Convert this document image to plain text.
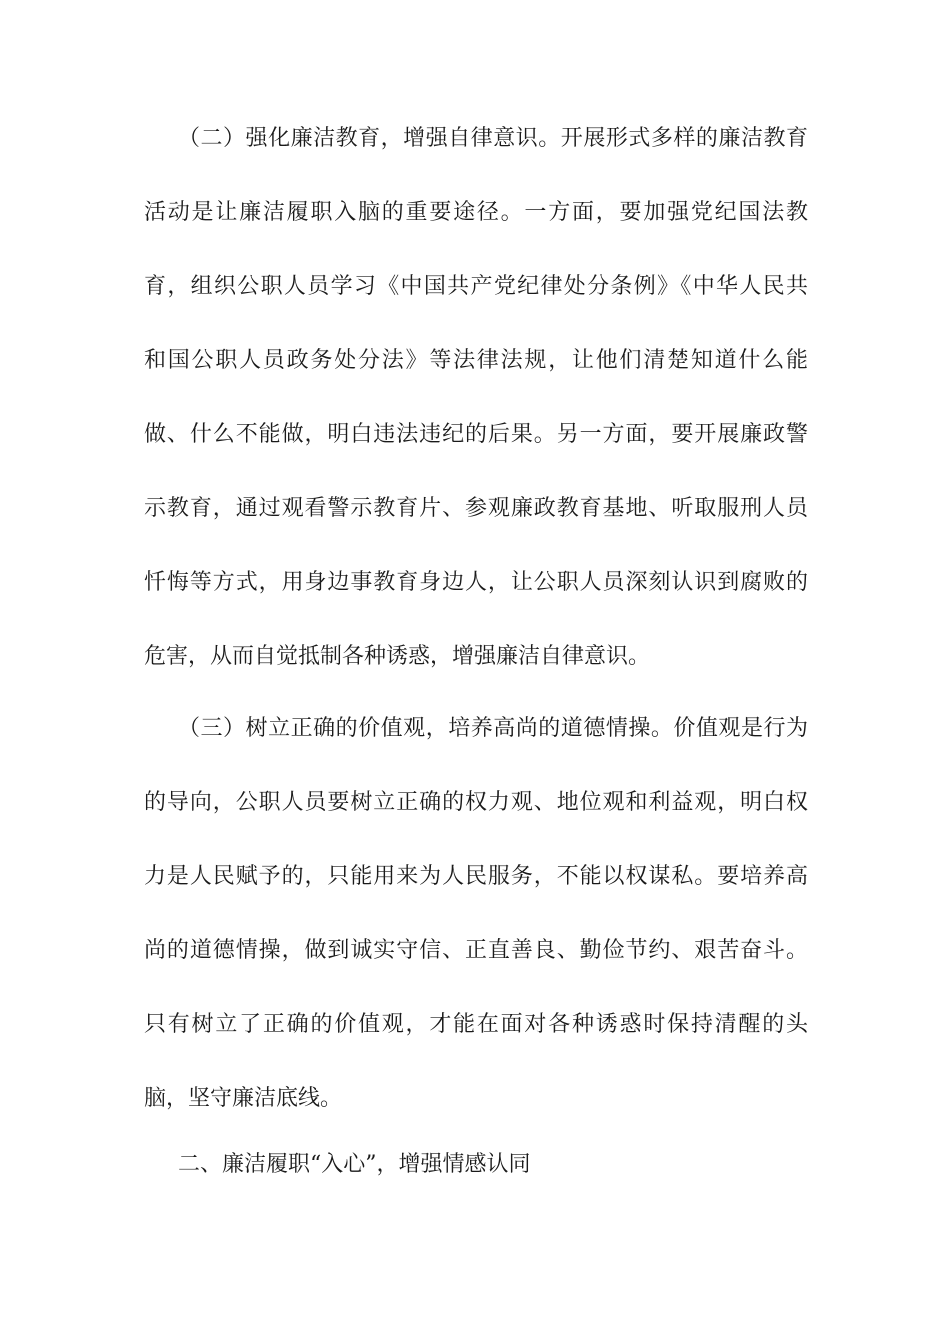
（二）强化廉洁教育，增强自律意识。开展形式多样的廉洁教育
活动是让廉洁履职入脑的重要途径。一方面，要加强党纪国法教
育，组织公职人员学习《中国共产党纪律处分条例》《中华人民共
和国公职人员政务处分法》等法律法规，让他们清楚知道什么能
做、什么不能做，明白违法违纪的后果。另一方面，要开展廉政警
示教育，通过观看警示教育片、参观廉政教育基地、听取服刑人员
忏悔等方式，用身边事教育身边人，让公职人员深刻认识到腐败的
危害，从而自觉抵制各种诱惑，增强廉洁自律意识。
（三）树立正确的价值观，培养高尚的道德情操。价值观是行为
的导向，公职人员要树立正确的权力观、地位观和利益观，明白权
力是人民赋予的，只能用来为人民服务，不能以权谋私。要培养高
尚的道德情操，做到诚实守信、正直善良、勤俭节约、艰苦奋斗。
只有树立了正确的价值观，才能在面对各种诱惑时保持清醒的头
脑，坚守廉洁底线。
二、廉洁履职“入心”，增强情感认同
